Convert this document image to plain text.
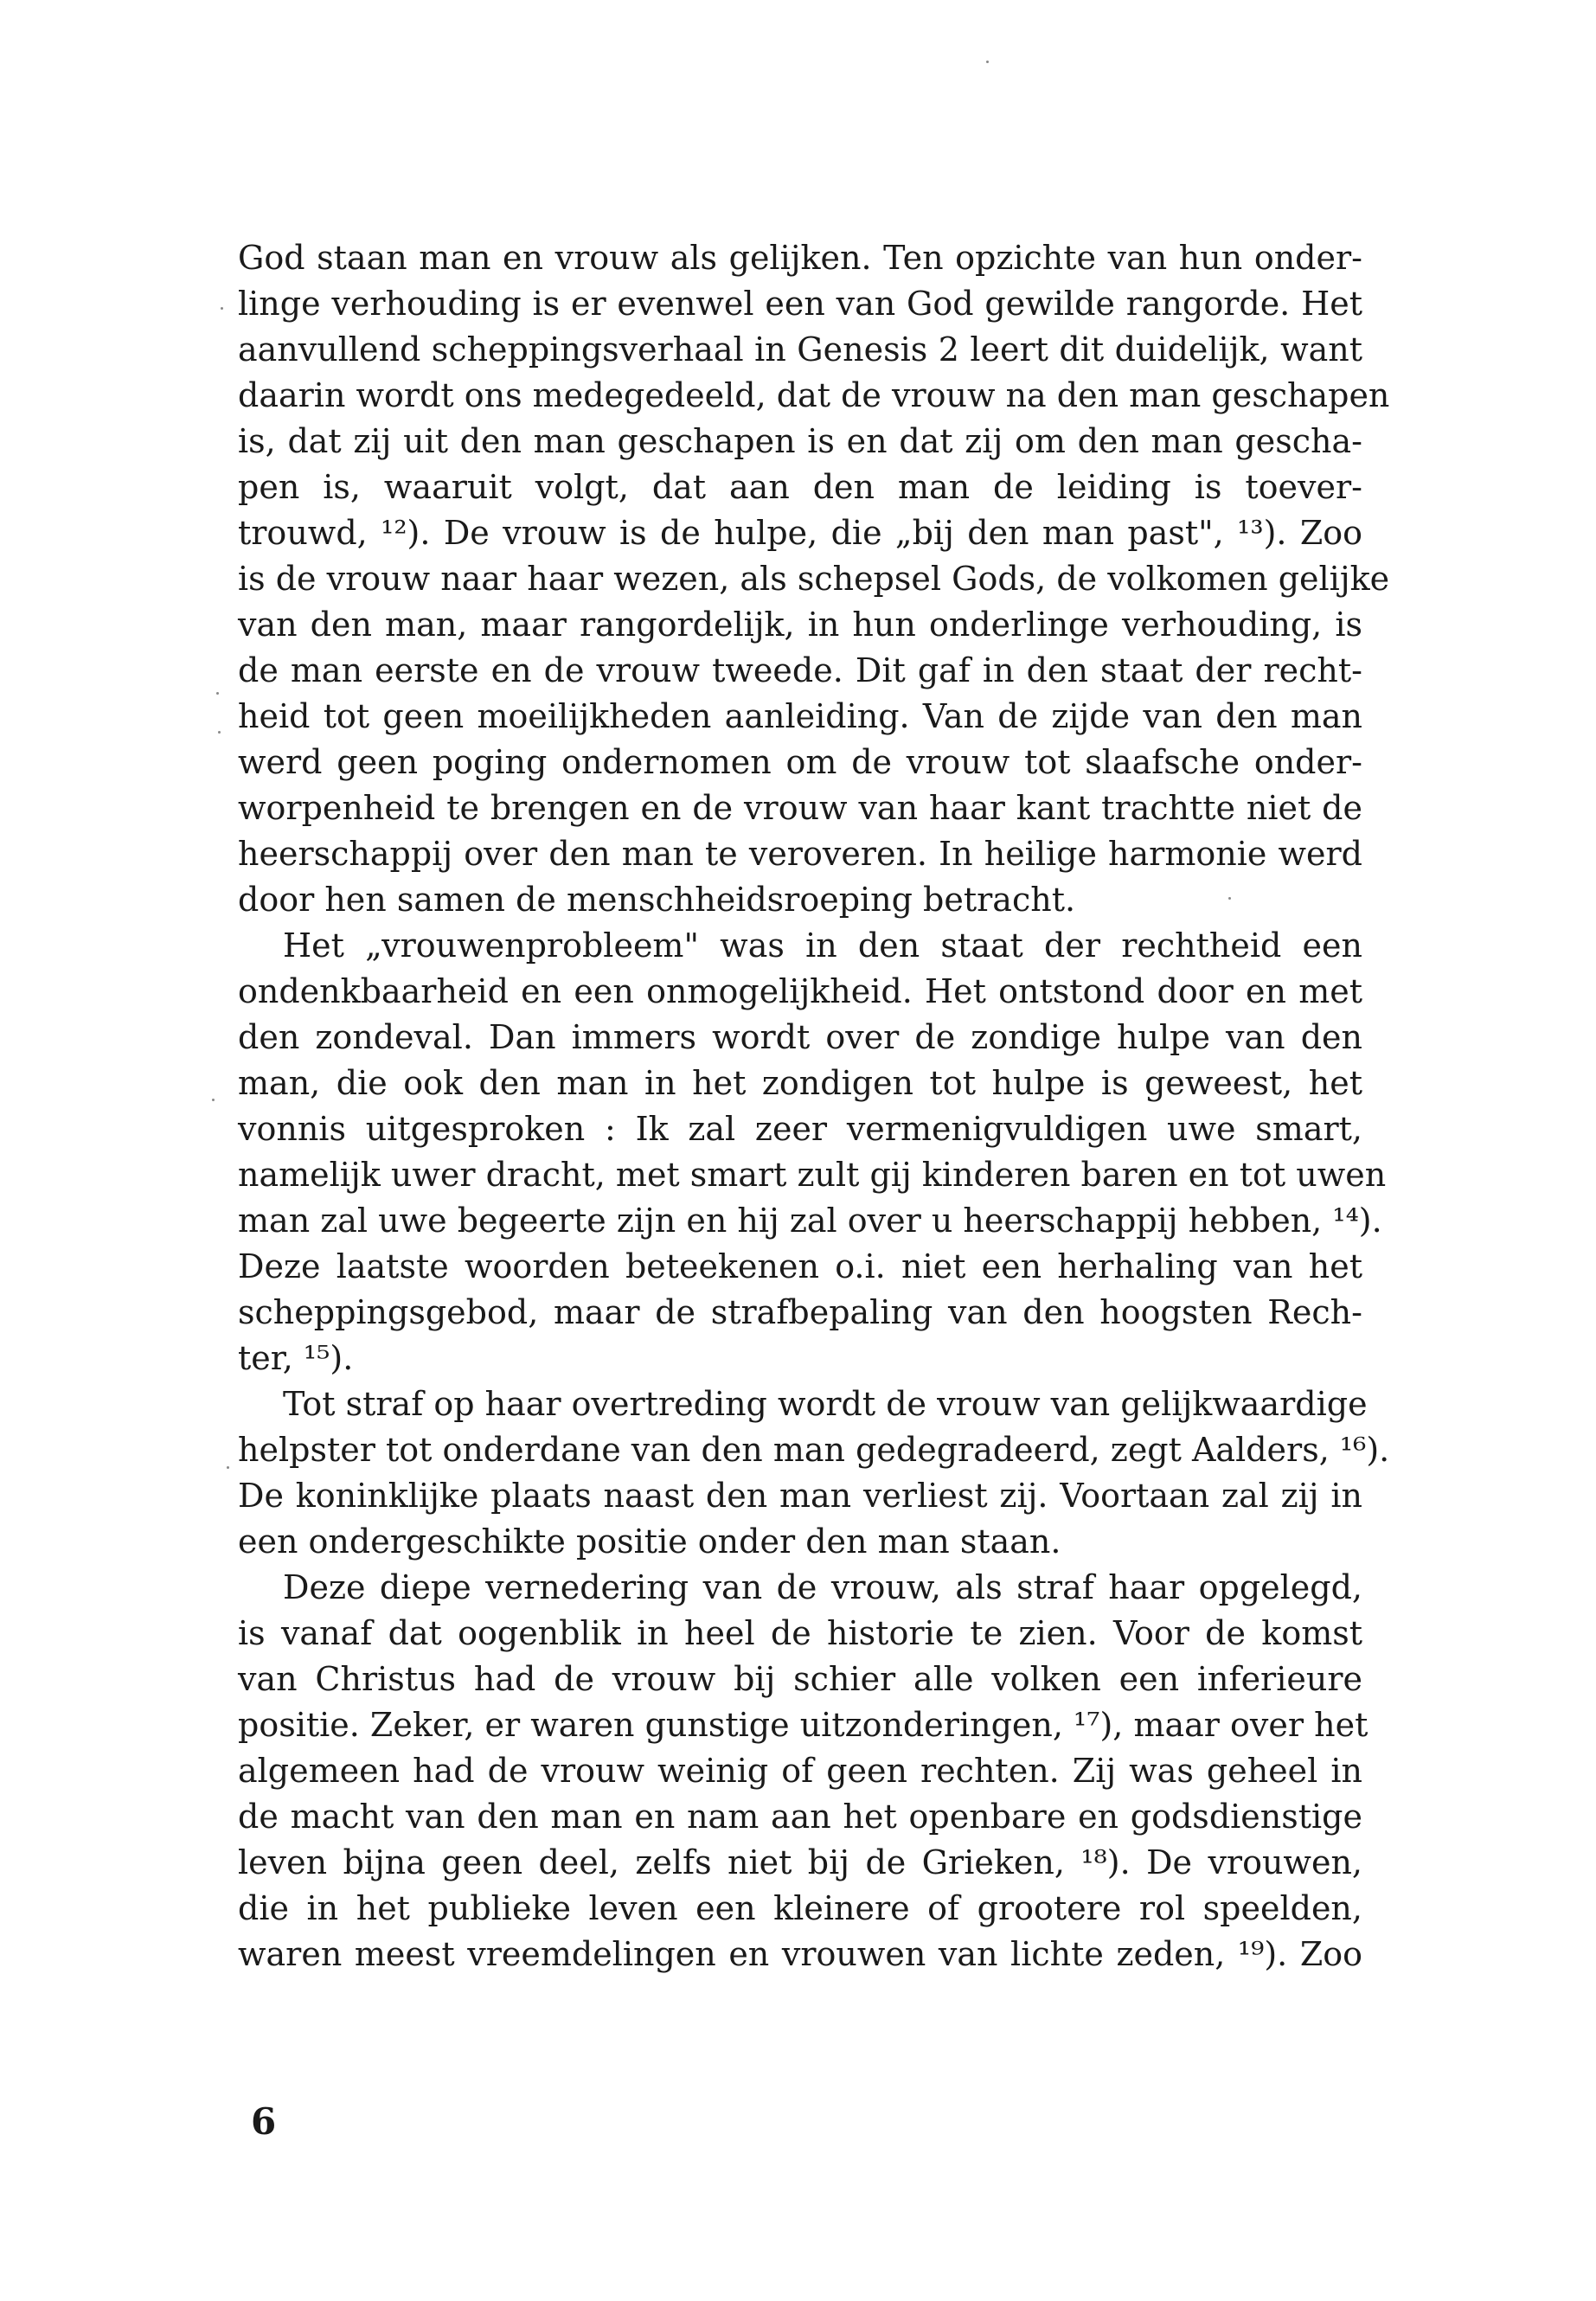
God staan man en vrouw als gelijken. Ten opzichte van hun onder-
linge verhouding is er evenwel een van God gewilde rangorde. Het
aanvullend scheppingsverhaal in Genesis 2 leert dit duidelijk, want
daarin wordt ons medegedeeld, dat de vrouw na den man geschapen
is, dat zij uit den man geschapen is en dat zij om den man gescha-
pen is, waaruit volgt, dat aan den man de leiding is toever-
trouwd, ¹²). De vrouw is de hulpe, die „bij den man past", ¹³). Zoo
is de vrouw naar haar wezen, als schepsel Gods, de volkomen gelijke
van den man, maar rangordelijk, in hun onderlinge verhouding, is
de man eerste en de vrouw tweede. Dit gaf in den staat der recht-
heid tot geen moeilijkheden aanleiding. Van de zijde van den man
werd geen poging ondernomen om de vrouw tot slaafsche onder-
worpenheid te brengen en de vrouw van haar kant trachtte niet de
heerschappij over den man te veroveren. In heilige harmonie werd
door hen samen de menschheidsroeping betracht.
Het „vrouwenprobleem" was in den staat der rechtheid een
ondenkbaarheid en een onmogelijkheid. Het ontstond door en met
den zondeval. Dan immers wordt over de zondige hulpe van den
man, die ook den man in het zondigen tot hulpe is geweest, het
vonnis uitgesproken : Ik zal zeer vermenigvuldigen uwe smart,
namelijk uwer dracht, met smart zult gij kinderen baren en tot uwen
man zal uwe begeerte zijn en hij zal over u heerschappij hebben, ¹⁴).
Deze laatste woorden beteekenen o.i. niet een herhaling van het
scheppingsgebod, maar de strafbepaling van den hoogsten Rech-
ter, ¹⁵).
Tot straf op haar overtreding wordt de vrouw van gelijkwaardige
helpster tot onderdane van den man gedegradeerd, zegt Aalders, ¹⁶).
De koninklijke plaats naast den man verliest zij. Voortaan zal zij in
een ondergeschikte positie onder den man staan.
Deze diepe vernedering van de vrouw, als straf haar opgelegd,
is vanaf dat oogenblik in heel de historie te zien. Voor de komst
van Christus had de vrouw bij schier alle volken een inferieure
positie. Zeker, er waren gunstige uitzonderingen, ¹⁷), maar over het
algemeen had de vrouw weinig of geen rechten. Zij was geheel in
de macht van den man en nam aan het openbare en godsdienstige
leven bijna geen deel, zelfs niet bij de Grieken, ¹⁸). De vrouwen,
die in het publieke leven een kleinere of grootere rol speelden,
waren meest vreemdelingen en vrouwen van lichte zeden, ¹⁹). Zoo
6
